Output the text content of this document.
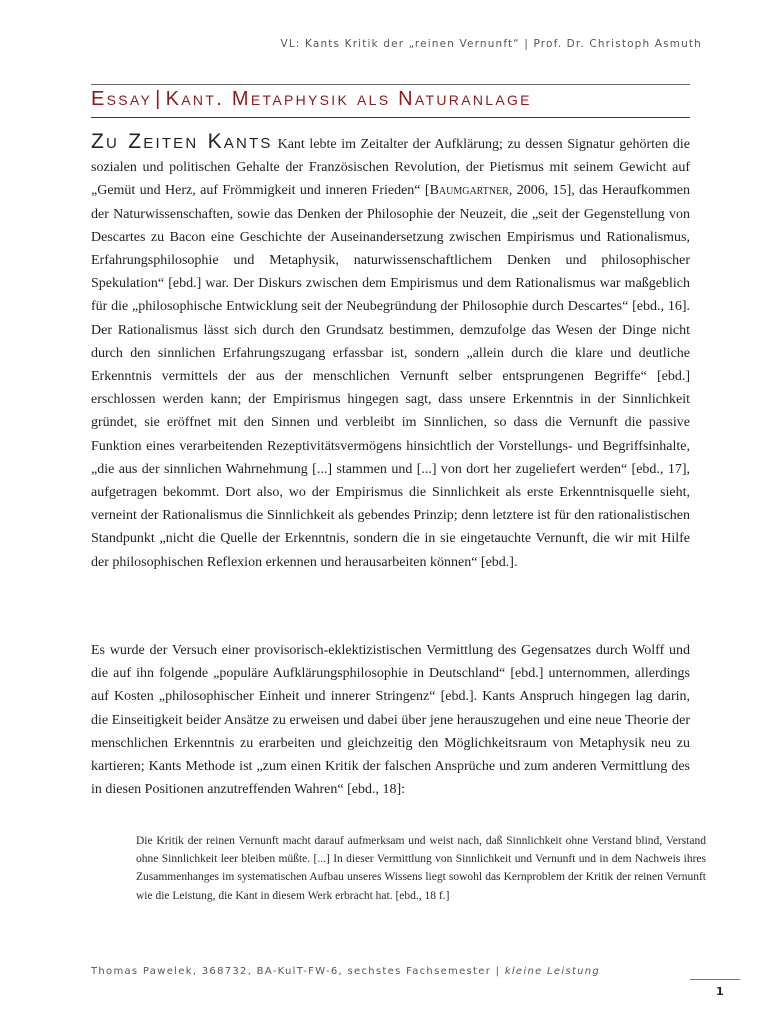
VL: Kants Kritik der „reinen Vernunft“ | Prof. Dr. Christoph Asmuth
Essay | Kant. Metaphysik als Naturanlage
Zu Zeiten Kants Kant lebte im Zeitalter der Aufklärung; zu dessen Signatur gehörten die sozialen und politischen Gehalte der Französischen Revolution, der Pietismus mit seinem Gewicht auf „Gemüt und Herz, auf Frömmigkeit und inneren Frieden“ [Baumgartner, 2006, 15], das Heraufkommen der Naturwissenschaften, sowie das Denken der Philosophie der Neuzeit, die „seit der Gegenstellung von Descartes zu Bacon eine Geschichte der Auseinandersetzung zwischen Empirismus und Rationalismus, Erfahrungsphilosophie und Metaphysik, naturwissenschaftlichem Denken und philosophischer Spekulation“ [ebd.] war. Der Diskurs zwischen dem Empirismus und dem Rationalismus war maßgeblich für die „philosophische Entwicklung seit der Neubegründung der Philosophie durch Descartes“ [ebd., 16]. Der Rationalismus lässt sich durch den Grundsatz bestimmen, demzufolge das Wesen der Dinge nicht durch den sinnlichen Erfahrungszugang erfassbar ist, sondern „allein durch die klare und deutliche Erkenntnis vermittels der aus der menschlichen Vernunft selber entsprungenen Begriffe“ [ebd.] erschlossen werden kann; der Empirismus hingegen sagt, dass unsere Erkenntnis in der Sinnlichkeit gründet, sie eröffnet mit den Sinnen und verbleibt im Sinnlichen, so dass die Vernunft die passive Funktion eines verarbeitenden Rezeptivitätsvermögens hinsichtlich der Vorstellungs- und Begriffsinhalte, „die aus der sinnlichen Wahrnehmung [...] stammen und [...] von dort her zugeliefert werden“ [ebd., 17], aufgetragen bekommt. Dort also, wo der Empirismus die Sinnlichkeit als erste Erkenntnisquelle sieht, verneint der Rationalismus die Sinnlichkeit als gebendes Prinzip; denn letztere ist für den rationalistischen Standpunkt „nicht die Quelle der Erkenntnis, sondern die in sie eingetauchte Vernunft, die wir mit Hilfe der philosophischen Reflexion erkennen und herausarbeiten können“ [ebd.].
Es wurde der Versuch einer provisorisch-eklektizistischen Vermittlung des Gegensatzes durch Wolff und die auf ihn folgende „populäre Aufklärungsphilosophie in Deutschland“ [ebd.] unternommen, allerdings auf Kosten „philosophischer Einheit und innerer Stringenz“ [ebd.]. Kants Anspruch hingegen lag darin, die Einseitigkeit beider Ansätze zu erweisen und dabei über jene herauszugehen und eine neue Theorie der menschlichen Erkenntnis zu erarbeiten und gleichzeitig den Möglichkeitsraum von Metaphysik neu zu kartieren; Kants Methode ist „zum einen Kritik der falschen Ansprüche und zum anderen Vermittlung des in diesen Positionen anzutreffenden Wahren“ [ebd., 18]:
Die Kritik der reinen Vernunft macht darauf aufmerksam und weist nach, daß Sinnlichkeit ohne Verstand blind, Verstand ohne Sinnlichkeit leer bleiben müßte. [...] In dieser Vermittlung von Sinnlichkeit und Vernunft und in dem Nachweis ihres Zusammenhanges im systematischen Aufbau unseres Wissens liegt sowohl das Kernproblem der Kritik der reinen Vernunft wie die Leistung, die Kant in diesem Werk erbracht hat. [ebd., 18 f.]
Thomas Pawelek, 368732, BA-KulT-FW-6, sechstes Fachsemester | kleine Leistung
1
